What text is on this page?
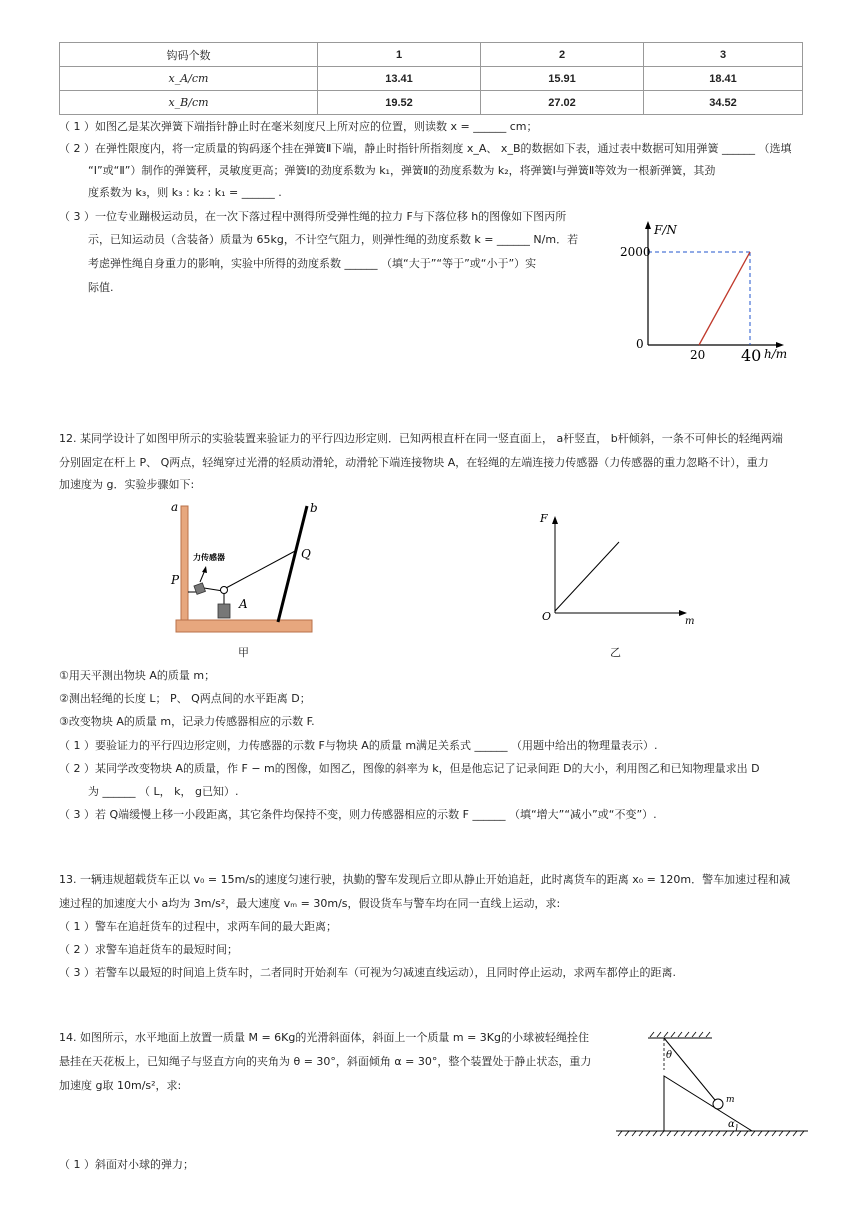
钩码个数	1	2	3
x_A/cm	13.41	15.91	18.41
x_B/cm	19.52	27.02	34.52
（ 1 ）如图乙是某次弹簧下端指针静止时在毫米刻度尺上所对应的位置，则读数 x = ______ cm；
（ 2 ）在弹性限度内，将一定质量的钩码逐个挂在弹簧Ⅱ下端，静止时指针所指刻度 x_A、 x_B的数据如下表，通过表中数据可知用弹簧 ______ （选填
“Ⅰ”或“Ⅱ”）制作的弹簧秤，灵敏度更高；弹簧Ⅰ的劲度系数为 k₁，弹簧Ⅱ的劲度系数为 k₂，将弹簧Ⅰ与弹簧Ⅱ等效为一根新弹簧，其劲
度系数为 k₃，则 k₃ : k₂ : k₁ = ______ .
（ 3 ）一位专业蹦极运动员，在一次下落过程中测得所受弹性绳的拉力 F与下落位移 h的图像如下图丙所
示，已知运动员（含装备）质量为 65kg，不计空气阻力，则弹性绳的劲度系数 k = ______ N/m．若
考虑弹性绳自身重力的影响，实验中所得的劲度系数 ______ （填“大于”“等于”或“小于”）实
际值.
F/N
2000
0
20 40 h/m
12. 某同学设计了如图甲所示的实验装置来验证力的平行四边形定则．已知两根直杆在同一竖直面上， a杆竖直， b杆倾斜，一条不可伸长的轻绳两端
分别固定在杆上 P、 Q两点，轻绳穿过光滑的轻质动滑轮，动滑轮下端连接物块 A，在轻绳的左端连接力传感器（力传感器的重力忽略不计），重力
加速度为 g．实验步骤如下:
a	b
P
Q
A
力传感器
甲
F
O	m
乙
①用天平测出物块 A的质量 m；
②测出轻绳的长度 L； P、 Q两点间的水平距离 D；
③改变物块 A的质量 m，记录力传感器相应的示数 F.
（ 1 ）要验证力的平行四边形定则，力传感器的示数 F与物块 A的质量 m满足关系式 ______ （用题中给出的物理量表示）.
（ 2 ）某同学改变物块 A的质量，作 F − m的图像，如图乙，图像的斜率为 k，但是他忘记了记录间距 D的大小，利用图乙和已知物理量求出 D
为 ______ （ L， k， g已知）.
（ 3 ）若 Q端缓慢上移一小段距离，其它条件均保持不变，则力传感器相应的示数 F ______ （填“增大”“减小”或“不变”）.
13. 一辆违规超载货车正以 v₀ = 15m/s的速度匀速行驶，执勤的警车发现后立即从静止开始追赶，此时离货车的距离 x₀ = 120m．警车加速过程和减
速过程的加速度大小 a均为 3m/s²，最大速度 vₘ = 30m/s，假设货车与警车均在同一直线上运动，求:
（ 1 ）警车在追赶货车的过程中，求两车间的最大距离；
（ 2 ）求警车追赶货车的最短时间；
（ 3 ）若警车以最短的时间追上货车时，二者同时开始刹车（可视为匀减速直线运动），且同时停止运动，求两车都停止的距离.
14. 如图所示，水平地面上放置一质量 M = 6Kg的光滑斜面体，斜面上一个质量 m = 3Kg的小球被轻绳拴住
悬挂在天花板上，已知绳子与竖直方向的夹角为 θ = 30°，斜面倾角 α = 30°，整个装置处于静止状态，重力
加速度 g取 10m/s²，求:
（ 1 ）斜面对小球的弹力；
θ
m
α
